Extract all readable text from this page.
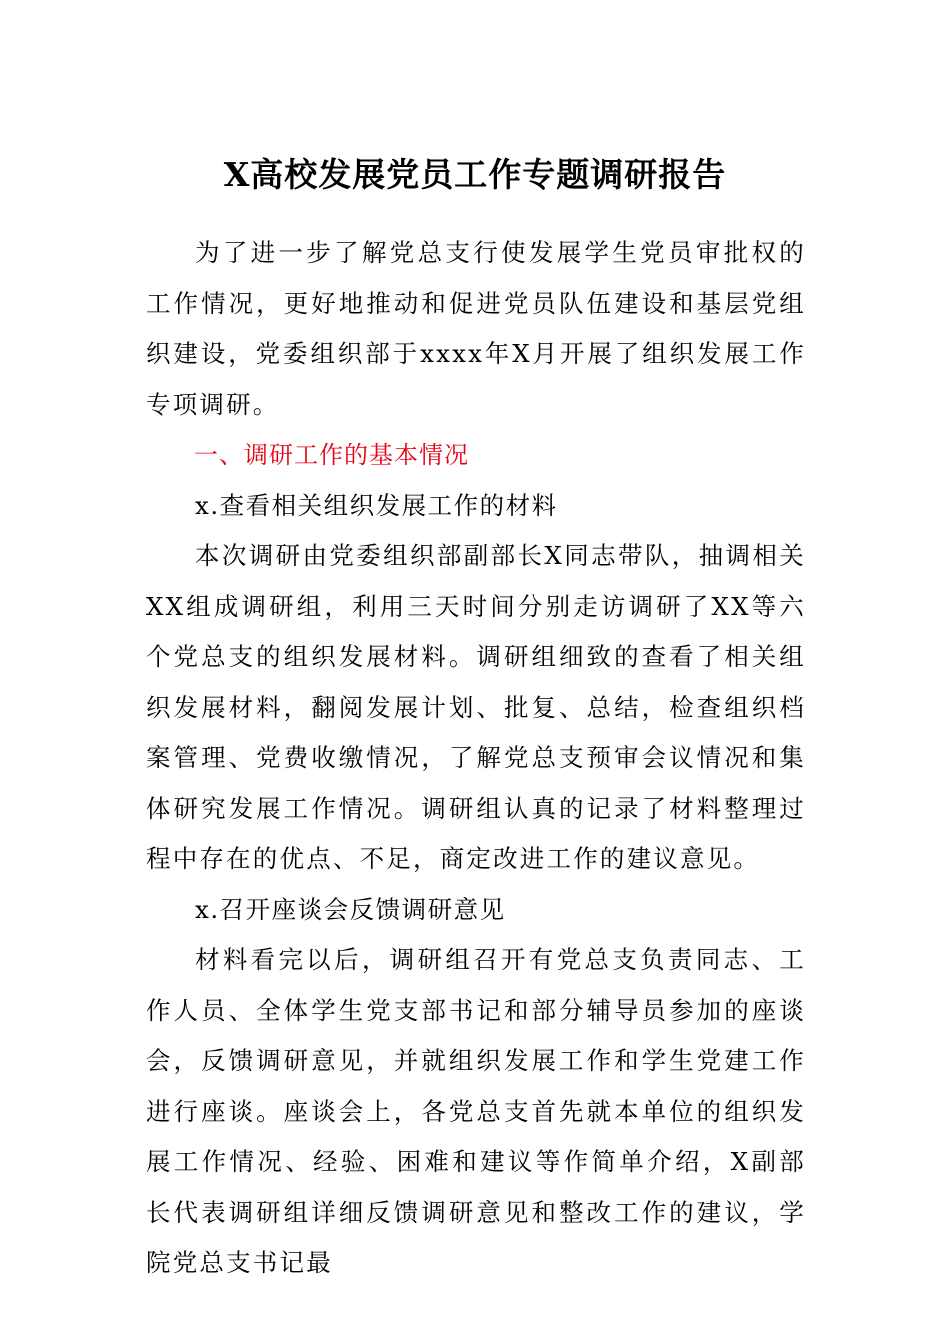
X高校发展党员工作专题调研报告

为了进一步了解党总支行使发展学生党员审批权的工作情况，更好地推动和促进党员队伍建设和基层党组织建设，党委组织部于xxxx年X月开展了组织发展工作专项调研。

一、调研工作的基本情况

x.查看相关组织发展工作的材料

本次调研由党委组织部副部长X同志带队，抽调相关XX组成调研组，利用三天时间分别走访调研了XX等六个党总支的组织发展材料。调研组细致的查看了相关组织发展材料，翻阅发展计划、批复、总结，检查组织档案管理、党费收缴情况，了解党总支预审会议情况和集体研究发展工作情况。调研组认真的记录了材料整理过程中存在的优点、不足，商定改进工作的建议意见。

x.召开座谈会反馈调研意见

材料看完以后，调研组召开有党总支负责同志、工作人员、全体学生党支部书记和部分辅导员参加的座谈会，反馈调研意见，并就组织发展工作和学生党建工作进行座谈。座谈会上，各党总支首先就本单位的组织发展工作情况、经验、困难和建议等作简单介绍，X副部长代表调研组详细反馈调研意见和整改工作的建议，学院党总支书记最
